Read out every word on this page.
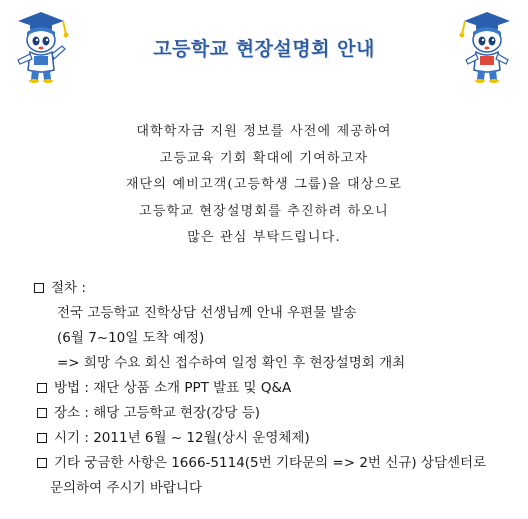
고등학교 현장설명회 안내
대학학자금 지원 정보를 사전에 제공하여
고등교육 기회 확대에 기여하고자
재단의 예비고객(고등학생 그룹)을 대상으로
고등학교 현장설명회를 추진하려 하오니
많은 관심 부탁드립니다.
절차 :
전국 고등학교 진학상담 선생님께 안내 우편물 발송
(6월 7~10일 도착 예정)
=> 희망 수요 회신 접수하여 일정 확인 후 현장설명회 개최
방법 : 재단 상품 소개 PPT 발표 및 Q&A
장소 : 해당 고등학교 현장(강당 등)
시기 : 2011년 6월 ~ 12월(상시 운영체제)
기타 궁금한 사항은 1666-5114(5번 기타문의 => 2번 신규) 상담센터로
문의하여 주시기 바랍니다
